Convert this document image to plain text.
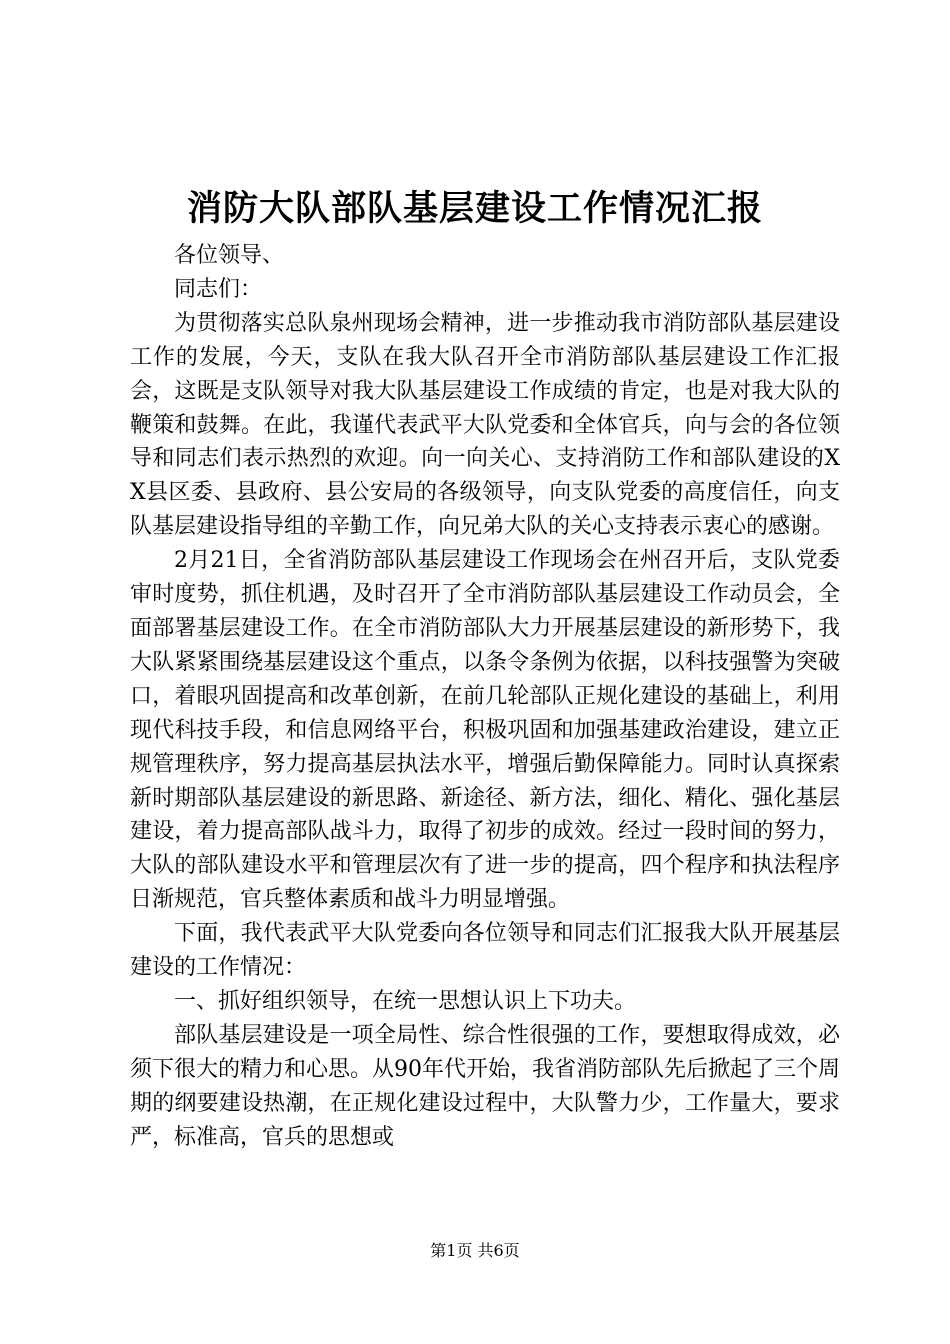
消防大队部队基层建设工作情况汇报

各位领导、

同志们：

为贯彻落实总队泉州现场会精神，进一步推动我市消防部队基层建设工作的发展，今天，支队在我大队召开全市消防部队基层建设工作汇报会，这既是支队领导对我大队基层建设工作成绩的肯定，也是对我大队的鞭策和鼓舞。在此，我谨代表武平大队党委和全体官兵，向与会的各位领导和同志们表示热烈的欢迎。向一向关心、支持消防工作和部队建设的XX县区委、县政府、县公安局的各级领导，向支队党委的高度信任，向支队基层建设指导组的辛勤工作，向兄弟大队的关心支持表示衷心的感谢。

2月21日，全省消防部队基层建设工作现场会在州召开后，支队党委审时度势，抓住机遇，及时召开了全市消防部队基层建设工作动员会，全面部署基层建设工作。在全市消防部队大力开展基层建设的新形势下，我大队紧紧围绕基层建设这个重点，以条令条例为依据，以科技强警为突破口，着眼巩固提高和改革创新，在前几轮部队正规化建设的基础上，利用现代科技手段，和信息网络平台，积极巩固和加强基建政治建设，建立正规管理秩序，努力提高基层执法水平，增强后勤保障能力。同时认真探索新时期部队基层建设的新思路、新途径、新方法，细化、精化、强化基层建设，着力提高部队战斗力，取得了初步的成效。经过一段时间的努力，大队的部队建设水平和管理层次有了进一步的提高，四个程序和执法程序日渐规范，官兵整体素质和战斗力明显增强。

下面，我代表武平大队党委向各位领导和同志们汇报我大队开展基层建设的工作情况：

一、抓好组织领导，在统一思想认识上下功夫。

部队基层建设是一项全局性、综合性很强的工作，要想取得成效，必须下很大的精力和心思。从90年代开始，我省消防部队先后掀起了三个周期的纲要建设热潮，在正规化建设过程中，大队警力少，工作量大，要求严，标准高，官兵的思想或

第1页 共6页
